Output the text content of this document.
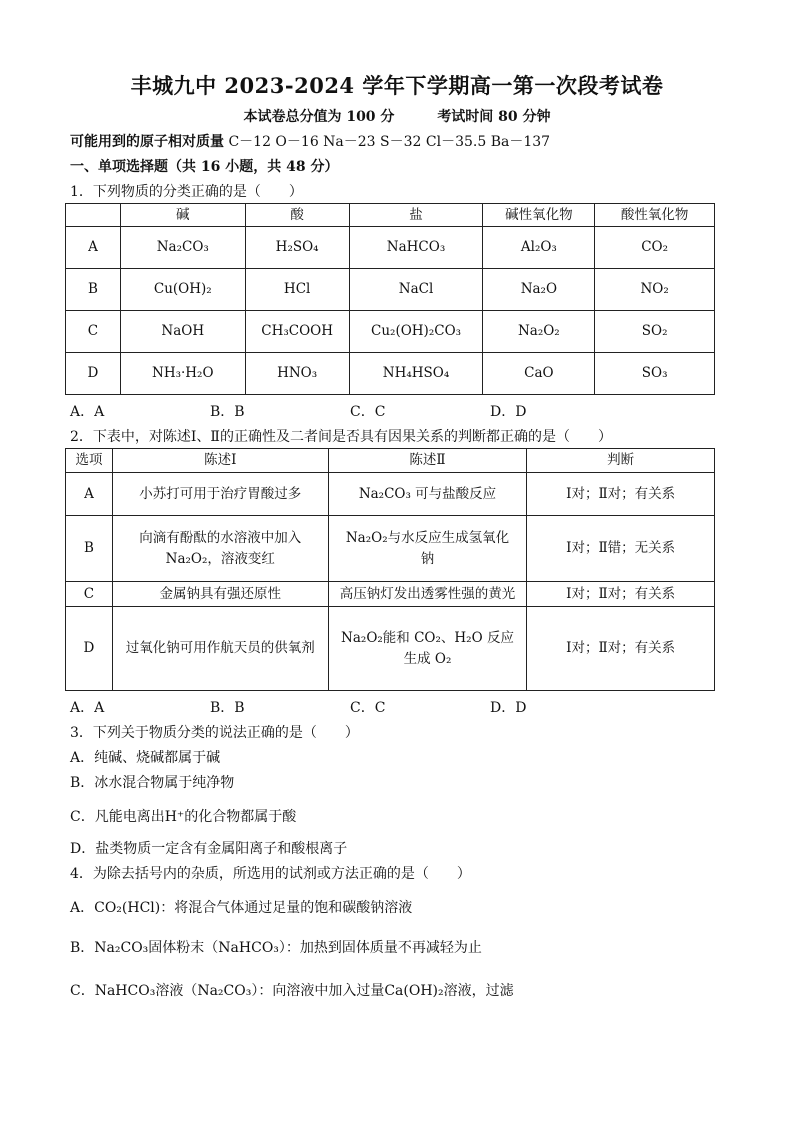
丰城九中 2023-2024 学年下学期高一第一次段考试卷
本试卷总分值为 100 分	考试时间 80 分钟
可能用到的原子相对质量 C－12 O－16 Na－23 S－32 Cl－35.5 Ba－137
一、单项选择题（共 16 小题，共 48 分）
1．下列物质的分类正确的是（　　）
	碱	酸	盐	碱性氧化物	酸性氧化物
A	Na₂CO₃	H₂SO₄	NaHCO₃	Al₂O₃	CO₂
B	Cu(OH)₂	HCl	NaCl	Na₂O	NO₂
C	NaOH	CH₃COOH	Cu₂(OH)₂CO₃	Na₂O₂	SO₂
D	NH₃·H₂O	HNO₃	NH₄HSO₄	CaO	SO₃
A．A	B．B	C．C	D．D
2．下表中，对陈述Ⅰ、Ⅱ的正确性及二者间是否具有因果关系的判断都正确的是（　　）
选项	陈述Ⅰ	陈述Ⅱ	判断
A	小苏打可用于治疗胃酸过多	Na₂CO₃ 可与盐酸反应	Ⅰ对；Ⅱ对；有关系
B	向滴有酚酞的水溶液中加入Na₂O₂，溶液变红	Na₂O₂与水反应生成氢氧化钠	Ⅰ对；Ⅱ错；无关系
C	金属钠具有强还原性	高压钠灯发出透雾性强的黄光	Ⅰ对；Ⅱ对；有关系
D	过氧化钠可用作航天员的供氧剂	Na₂O₂能和 CO₂、H₂O 反应生成 O₂	Ⅰ对；Ⅱ对；有关系
A．A	B．B	C．C	D．D
3．下列关于物质分类的说法正确的是（　　）
A．纯碱、烧碱都属于碱
B．冰水混合物属于纯净物
C．凡能电离出H⁺的化合物都属于酸
D．盐类物质一定含有金属阳离子和酸根离子
4．为除去括号内的杂质，所选用的试剂或方法正确的是（　　）
A．CO₂(HCl)：将混合气体通过足量的饱和碳酸钠溶液
B．Na₂CO₃固体粉末（NaHCO₃）：加热到固体质量不再减轻为止
C．NaHCO₃溶液（Na₂CO₃）：向溶液中加入过量Ca(OH)₂溶液，过滤
